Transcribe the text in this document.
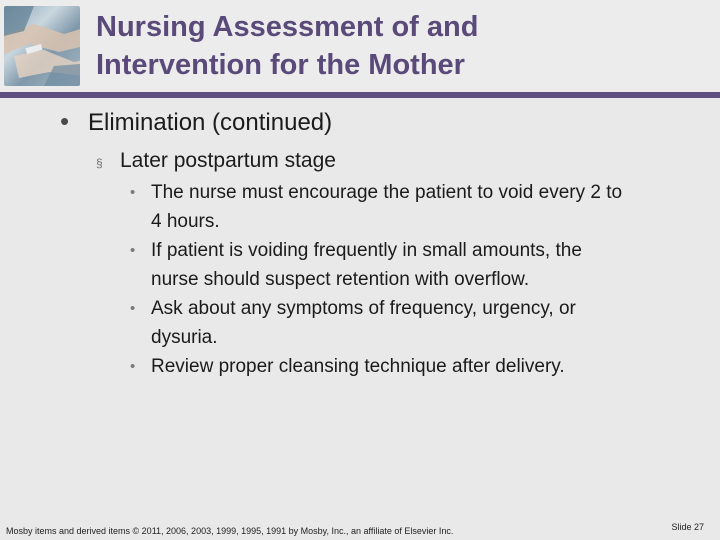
Nursing Assessment of and
Intervention for the Mother
• Elimination (continued)
§ Later postpartum stage
• The nurse must encourage the patient to void every 2 to
4 hours.
• If patient is voiding frequently in small amounts, the
nurse should suspect retention with overflow.
• Ask about any symptoms of frequency, urgency, or
dysuria.
• Review proper cleansing technique after delivery.
Mosby items and derived items © 2011, 2006, 2003, 1999, 1995, 1991 by Mosby, Inc., an affiliate of Elsevier Inc.	Slide 27
